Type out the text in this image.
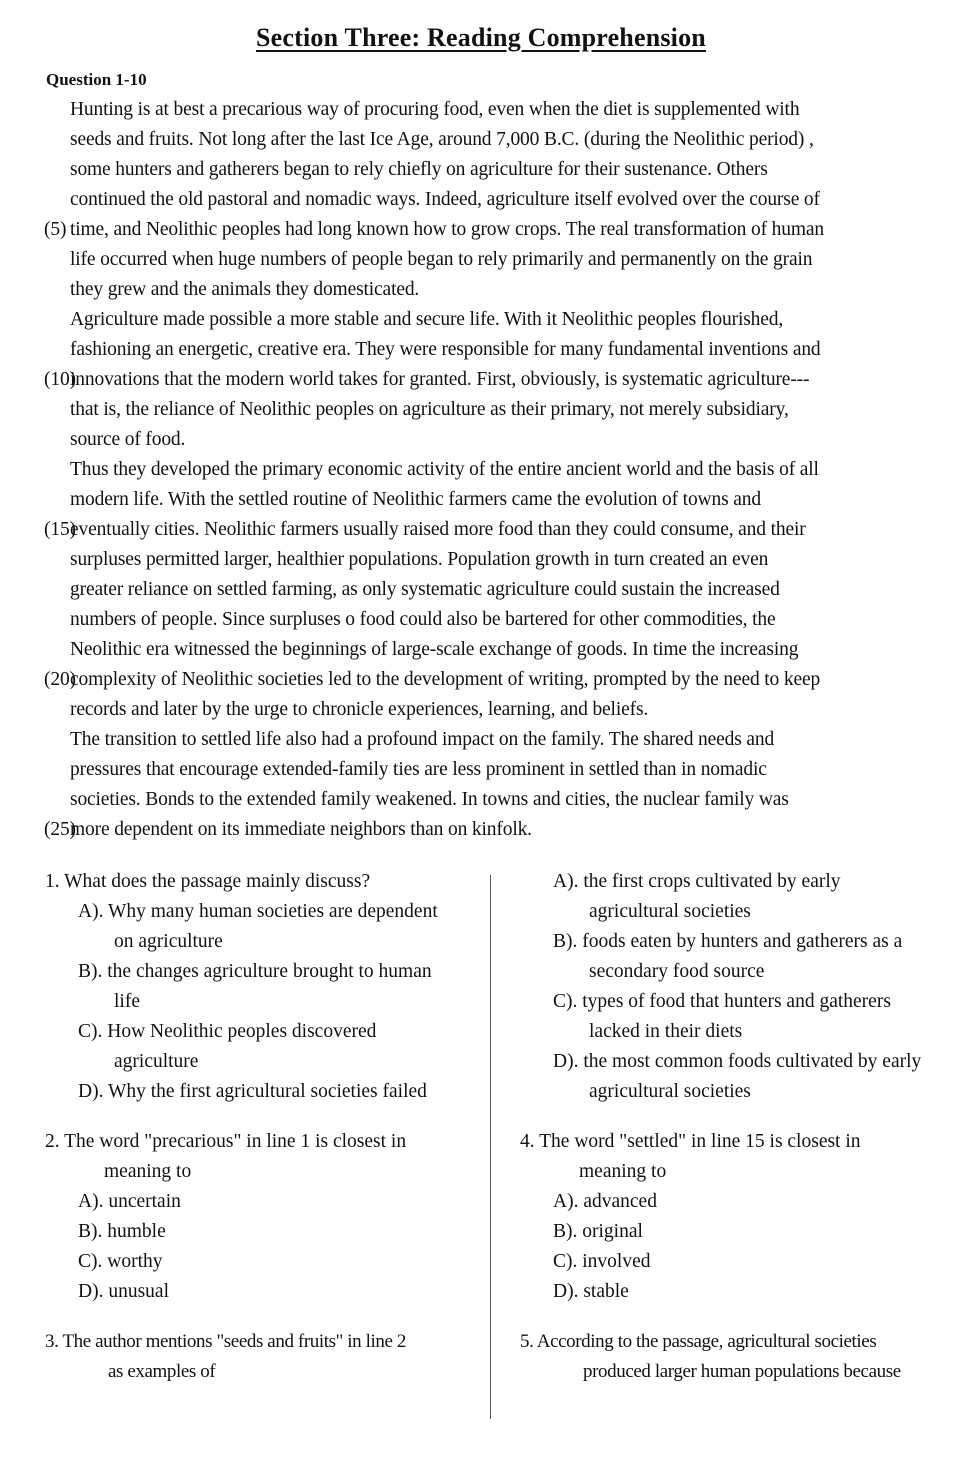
Section Three: Reading Comprehension
Question 1-10
Hunting is at best a precarious way of procuring food, even when the diet is supplemented with
seeds and fruits. Not long after the last Ice Age, around 7,000 B.C. (during the Neolithic period) ,
some hunters and gatherers began to rely chiefly on agriculture for their sustenance. Others
continued the old pastoral and nomadic ways. Indeed, agriculture itself evolved over the course of
(5) time, and Neolithic peoples had long known how to grow crops. The real transformation of human
life occurred when huge numbers of people began to rely primarily and permanently on the grain
they grew and the animals they domesticated.
Agriculture made possible a more stable and secure life. With it Neolithic peoples flourished,
fashioning an energetic, creative era. They were responsible for many fundamental inventions and
(10)
innovations that the modern world takes for granted. First, obviously, is systematic agriculture---
that is, the reliance of Neolithic peoples on agriculture as their primary, not merely subsidiary,
source of food.
Thus they developed the primary economic activity of the entire ancient world and the basis of all
modern life. With the settled routine of Neolithic farmers came the evolution of towns and
(15)
eventually cities. Neolithic farmers usually raised more food than they could consume, and their
surpluses permitted larger, healthier populations. Population growth in turn created an even
greater reliance on settled farming, as only systematic agriculture could sustain the increased
numbers of people. Since surpluses o food could also be bartered for other commodities, the
Neolithic era witnessed the beginnings of large-scale exchange of goods. In time the increasing
(20)
complexity of Neolithic societies led to the development of writing, prompted by the need to keep
records and later by the urge to chronicle experiences, learning, and beliefs.
The transition to settled life also had a profound impact on the family. The shared needs and
pressures that encourage extended-family ties are less prominent in settled than in nomadic
societies. Bonds to the extended family weakened. In towns and cities, the nuclear family was
(25)
more dependent on its immediate neighbors than on kinfolk.
1. What does the passage mainly discuss?
A). Why many human societies are dependent
on agriculture
B). the changes agriculture brought to human
life
C). How Neolithic peoples discovered
agriculture
D). Why the first agricultural societies failed
2. The word "precarious" in line 1 is closest in
meaning to
A). uncertain
B). humble
C). worthy
D). unusual
3. The author mentions "seeds and fruits" in line 2
as examples of
A). the first crops cultivated by early
agricultural societies
B). foods eaten by hunters and gatherers as a
secondary food source
C). types of food that hunters and gatherers
lacked in their diets
D). the most common foods cultivated by early
agricultural societies
4. The word "settled" in line 15 is closest in
meaning to
A). advanced
B). original
C). involved
D). stable
5. According to the passage, agricultural societies
produced larger human populations because
